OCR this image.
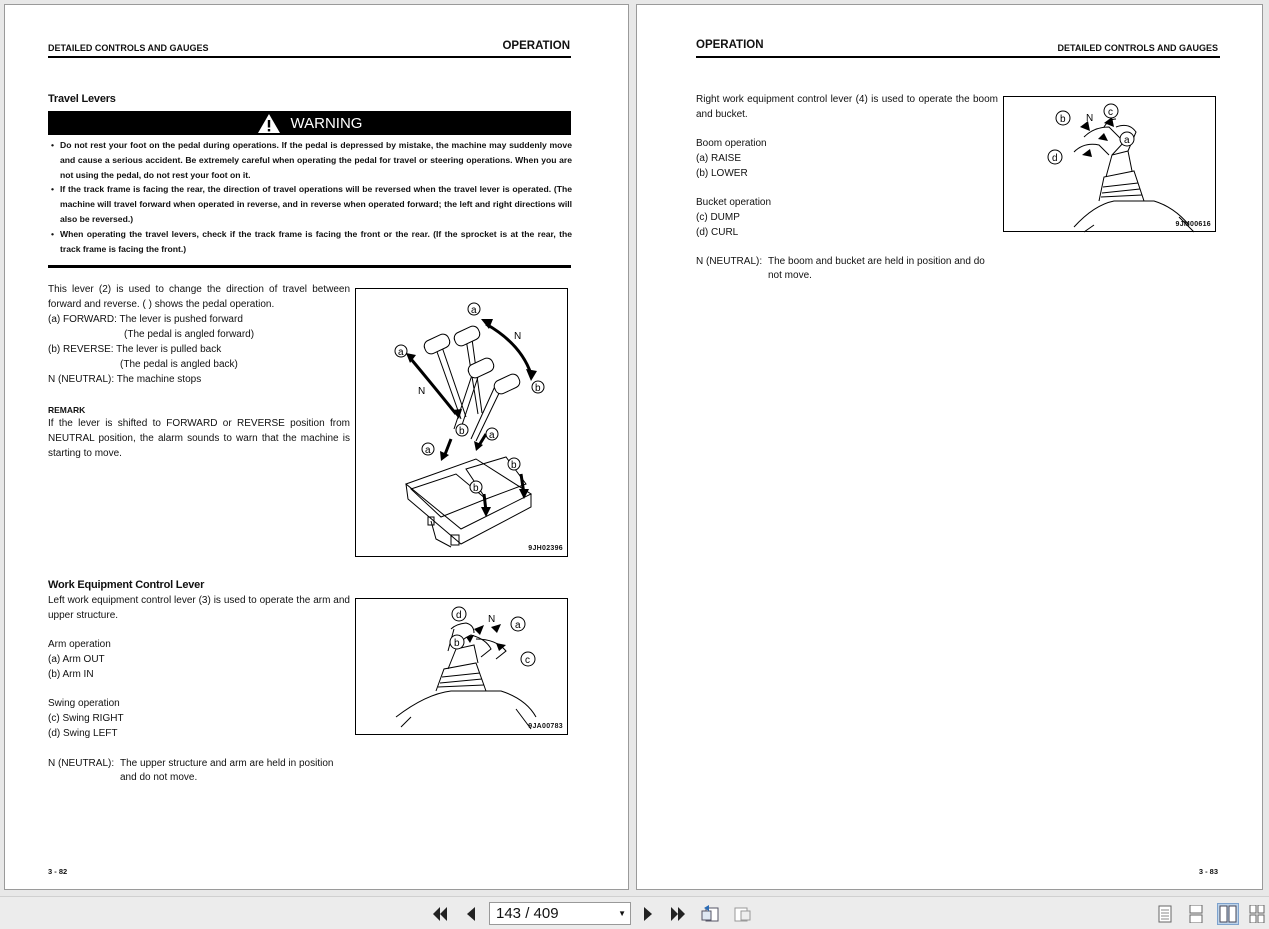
DETAILED CONTROLS AND GAUGES	OPERATION
Travel Levers
WARNING
• Do not rest your foot on the pedal during operations. If the pedal is depressed by mistake, the machine may suddenly move and cause a serious accident. Be extremely careful when operating the pedal for travel or steering operations. When you are not using the pedal, do not rest your foot on it.
• If the track frame is facing the rear, the direction of travel operations will be reversed when the travel lever is operated. (The machine will travel forward when operated in reverse, and in reverse when operated forward; the left and right directions will also be reversed.)
• When operating the travel levers, check if the track frame is facing the front or the rear. (If the sprocket is at the rear, the track frame is facing the front.)
This lever (2) is used to change the direction of travel between forward and reverse. ( ) shows the pedal operation.
(a) FORWARD: The lever is pushed forward
(The pedal is angled forward)
(b) REVERSE: The lever is pulled back
(The pedal is angled back)
N (NEUTRAL): The machine stops
REMARK
If the lever is shifted to FORWARD or REVERSE position from NEUTRAL position, the alarm sounds to warn that the machine is starting to move.
a
N
a
b
N
b a
a
b
b
9JH02396
Work Equipment Control Lever
Left work equipment control lever (3) is used to operate the arm and upper structure.
Arm operation
(a) Arm OUT
(b) Arm IN
Swing operation
(c) Swing RIGHT
(d) Swing LEFT
N (NEUTRAL): The upper structure and arm are held in position
and do not move.
d	N
a
b
c
9JA00783
3 - 82
OPERATION	DETAILED CONTROLS AND GAUGES
Right work equipment control lever (4) is used to operate the boom and bucket.
Boom operation
(a) RAISE
(b) LOWER
Bucket operation
(c) DUMP
(d) CURL
N (NEUTRAL): The boom and bucket are held in position and do
not move.
b N
c
a
d
9JM00616
3 - 83
143 / 409	▼
